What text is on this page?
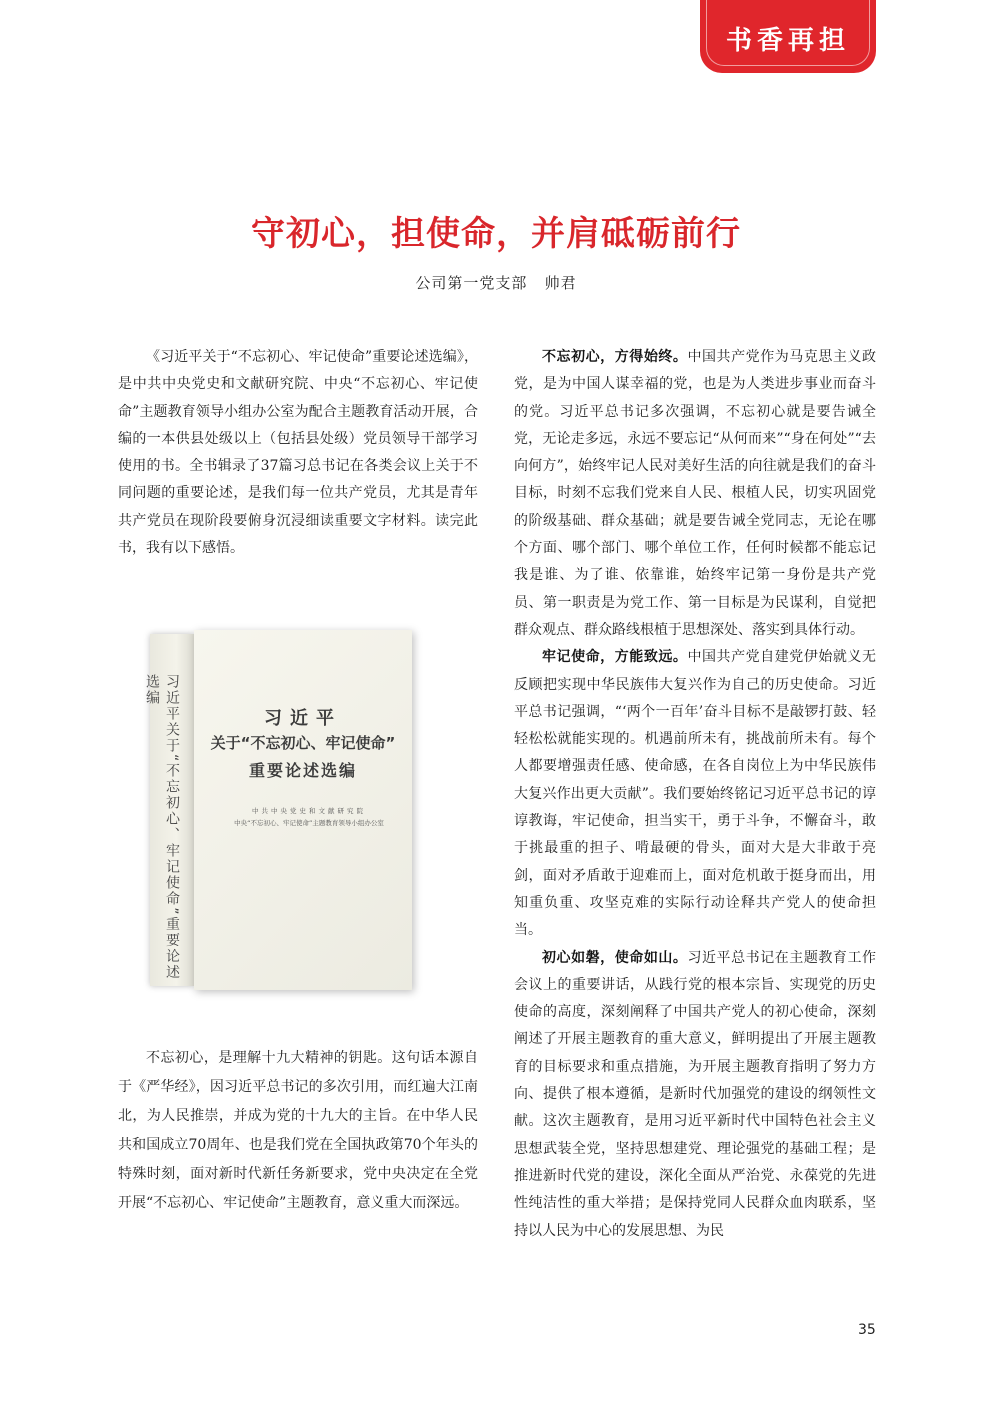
书香再担
守初心，担使命，并肩砥砺前行
公司第一党支部   帅君

《习近平关于“不忘初心、牢记使命”重要论述选编》，是中共中央党史和文献研究院、中央“不忘初心、牢记使命”主题教育领导小组办公室为配合主题教育活动开展，合编的一本供县处级以上（包括县处级）党员领导干部学习使用的书。全书辑录了37篇习总书记在各类会议上关于不同问题的重要论述，是我们每一位共产党员，尤其是青年共产党员在现阶段要俯身沉浸细读重要文字材料。读完此书，我有以下感悟。

习近平关于“不忘初心、牢记使命”重要论述选编
习近平
关于“不忘初心、牢记使命”
重要论述选编
中共中央党史和文献研究院
中央“不忘初心、牢记使命”主题教育领导小组办公室

不忘初心，是理解十九大精神的钥匙。这句话本源自于《严华经》，因习近平总书记的多次引用，而红遍大江南北，为人民推崇，并成为党的十九大的主旨。在中华人民共和国成立70周年、也是我们党在全国执政第70个年头的特殊时刻，面对新时代新任务新要求，党中央决定在全党开展“不忘初心、牢记使命”主题教育，意义重大而深远。

不忘初心，方得始终。中国共产党作为马克思主义政党，是为中国人谋幸福的党，也是为人类进步事业而奋斗的党。习近平总书记多次强调，不忘初心就是要告诫全党，无论走多远，永远不要忘记“从何而来”“身在何处”“去向何方”，始终牢记人民对美好生活的向往就是我们的奋斗目标，时刻不忘我们党来自人民、根植人民，切实巩固党的阶级基础、群众基础；就是要告诫全党同志，无论在哪个方面、哪个部门、哪个单位工作，任何时候都不能忘记我是谁、为了谁、依靠谁，始终牢记第一身份是共产党员、第一职责是为党工作、第一目标是为民谋利，自觉把群众观点、群众路线根植于思想深处、落实到具体行动。

牢记使命，方能致远。中国共产党自建党伊始就义无反顾把实现中华民族伟大复兴作为自己的历史使命。习近平总书记强调，“‘两个一百年’奋斗目标不是敲锣打鼓、轻轻松松就能实现的。机遇前所未有，挑战前所未有。每个人都要增强责任感、使命感，在各自岗位上为中华民族伟大复兴作出更大贡献”。我们要始终铭记习近平总书记的谆谆教诲，牢记使命，担当实干，勇于斗争，不懈奋斗，敢于挑最重的担子、啃最硬的骨头，面对大是大非敢于亮剑，面对矛盾敢于迎难而上，面对危机敢于挺身而出，用知重负重、攻坚克难的实际行动诠释共产党人的使命担当。

初心如磐，使命如山。习近平总书记在主题教育工作会议上的重要讲话，从践行党的根本宗旨、实现党的历史使命的高度，深刻阐释了中国共产党人的初心使命，深刻阐述了开展主题教育的重大意义，鲜明提出了开展主题教育的目标要求和重点措施，为开展主题教育指明了努力方向、提供了根本遵循，是新时代加强党的建设的纲领性文献。这次主题教育，是用习近平新时代中国特色社会主义思想武装全党，坚持思想建党、理论强党的基础工程；是推进新时代党的建设，深化全面从严治党、永葆党的先进性纯洁性的重大举措；是保持党同人民群众血肉联系，坚持以人民为中心的发展思想、为民

35
